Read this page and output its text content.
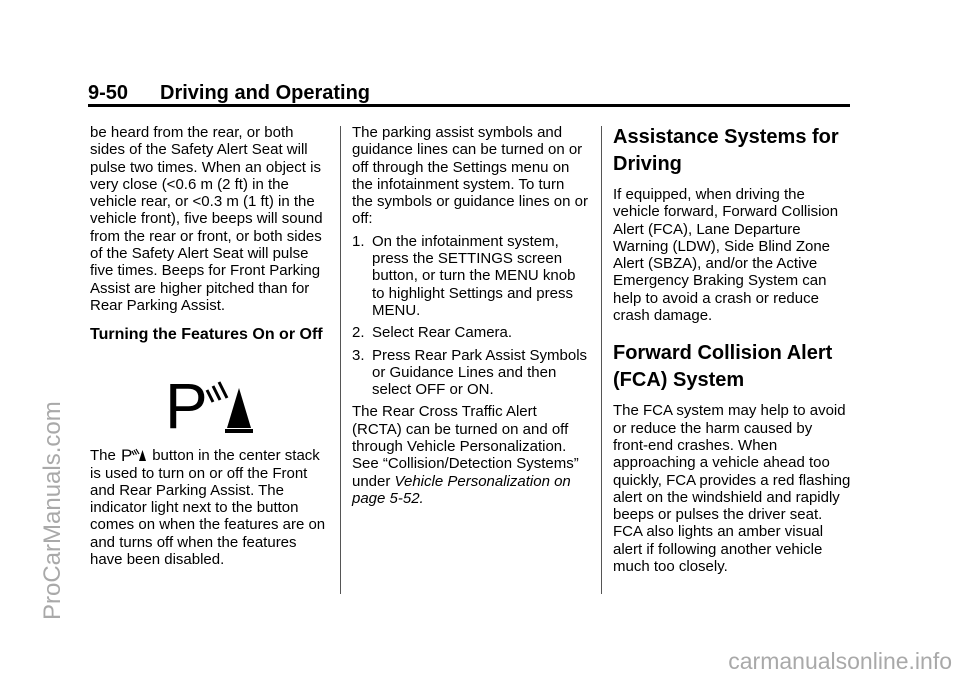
9-50 Driving and Operating

be heard from the rear, or both sides of the Safety Alert Seat will pulse two times. When an object is very close (<0.6 m (2 ft) in the vehicle rear, or <0.3 m (1 ft) in the vehicle front), five beeps will sound from the rear or front, or both sides of the Safety Alert Seat will pulse five times. Beeps for Front Parking Assist are higher pitched than for Rear Parking Assist.

Turning the Features On or Off
P

The P button in the center stack is used to turn on or off the Front and Rear Parking Assist. The indicator light next to the button comes on when the features are on and turns off when the features have been disabled.

The parking assist symbols and guidance lines can be turned on or off through the Settings menu on the infotainment system. To turn the symbols or guidance lines on or off:

1. On the infotainment system, press the SETTINGS screen button, or turn the MENU knob to highlight Settings and press MENU.

2. Select Rear Camera.

3. Press Rear Park Assist Symbols or Guidance Lines and then select OFF or ON.

The Rear Cross Traffic Alert (RCTA) can be turned on and off through Vehicle Personalization. See “Collision/Detection Systems” under Vehicle Personalization on page 5-52.

Assistance Systems for Driving

If equipped, when driving the vehicle forward, Forward Collision Alert (FCA), Lane Departure Warning (LDW), Side Blind Zone Alert (SBZA), and/or the Active Emergency Braking System can help to avoid a crash or reduce crash damage.

Forward Collision Alert (FCA) System

The FCA system may help to avoid or reduce the harm caused by front-end crashes. When approaching a vehicle ahead too quickly, FCA provides a red flashing alert on the windshield and rapidly beeps or pulses the driver seat. FCA also lights an amber visual alert if following another vehicle much too closely.

ProCarManuals.com
carmanualsonline.info
